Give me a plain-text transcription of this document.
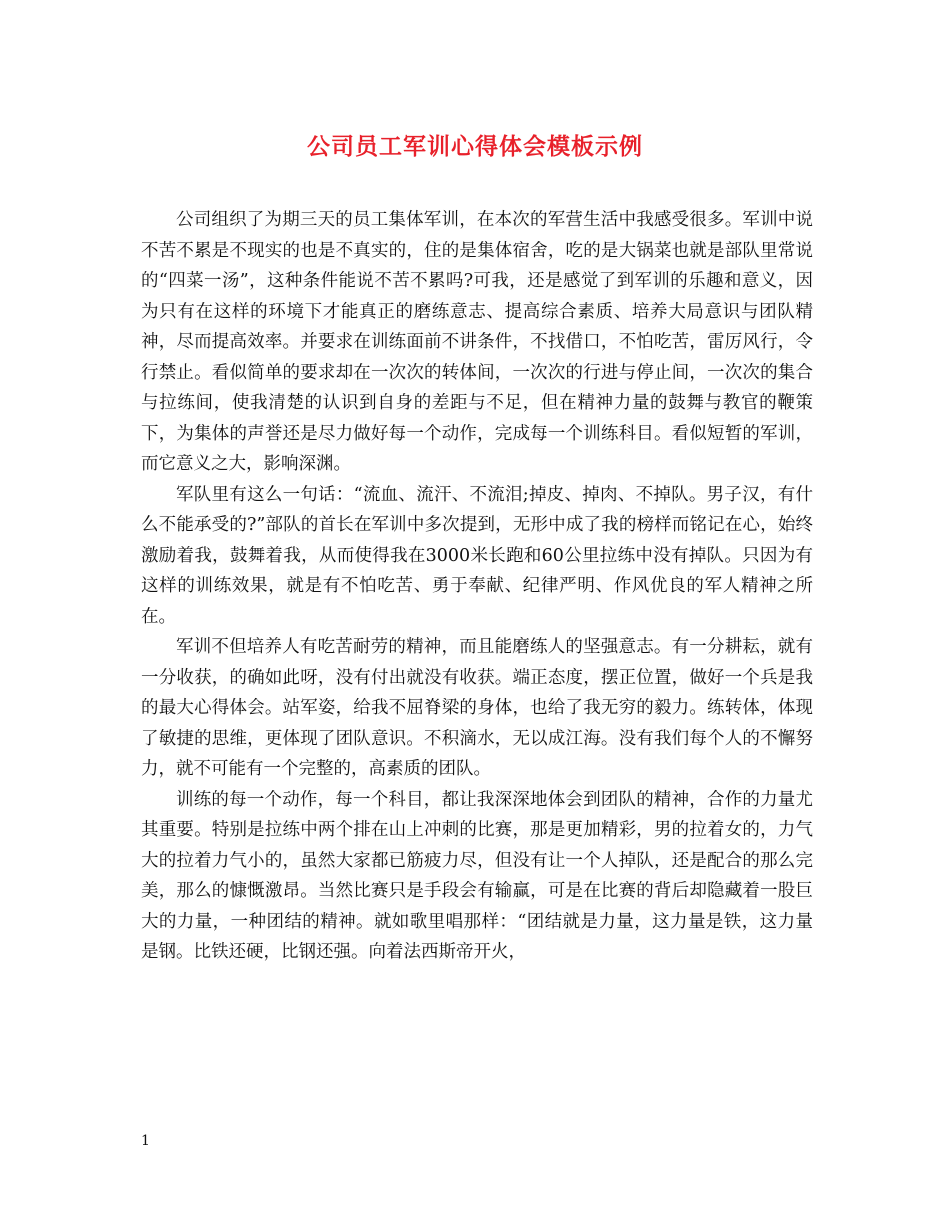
公司员工军训心得体会模板示例

公司组织了为期三天的员工集体军训，在本次的军营生活中我感受很多。军训中说不苦不累是不现实的也是不真实的，住的是集体宿舍，吃的是大锅菜也就是部队里常说的“四菜一汤”，这种条件能说不苦不累吗?可我，还是感觉了到军训的乐趣和意义，因为只有在这样的环境下才能真正的磨练意志、提高综合素质、培养大局意识与团队精神，尽而提高效率。并要求在训练面前不讲条件，不找借口，不怕吃苦，雷厉风行，令行禁止。看似简单的要求却在一次次的转体间，一次次的行进与停止间，一次次的集合与拉练间，使我清楚的认识到自身的差距与不足，但在精神力量的鼓舞与教官的鞭策下，为集体的声誉还是尽力做好每一个动作，完成每一个训练科目。看似短暂的军训，而它意义之大，影响深渊。

军队里有这么一句话：“流血、流汗、不流泪;掉皮、掉肉、不掉队。男子汉，有什么不能承受的?”部队的首长在军训中多次提到，无形中成了我的榜样而铭记在心，始终激励着我，鼓舞着我，从而使得我在3000米长跑和60公里拉练中没有掉队。只因为有这样的训练效果，就是有不怕吃苦、勇于奉献、纪律严明、作风优良的军人精神之所在。

军训不但培养人有吃苦耐劳的精神，而且能磨练人的坚强意志。有一分耕耘，就有一分收获，的确如此呀，没有付出就没有收获。端正态度，摆正位置，做好一个兵是我的最大心得体会。站军姿，给我不屈脊梁的身体，也给了我无穷的毅力。练转体，体现了敏捷的思维，更体现了团队意识。不积滴水，无以成江海。没有我们每个人的不懈努力，就不可能有一个完整的，高素质的团队。

训练的每一个动作，每一个科目，都让我深深地体会到团队的精神，合作的力量尤其重要。特别是拉练中两个排在山上冲刺的比赛，那是更加精彩，男的拉着女的，力气大的拉着力气小的，虽然大家都已筋疲力尽，但没有让一个人掉队，还是配合的那么完美，那么的慷慨激昂。当然比赛只是手段会有输赢，可是在比赛的背后却隐藏着一股巨大的力量，一种团结的精神。就如歌里唱那样：“团结就是力量，这力量是铁，这力量是钢。比铁还硬，比钢还强。向着法西斯帝开火，

1
